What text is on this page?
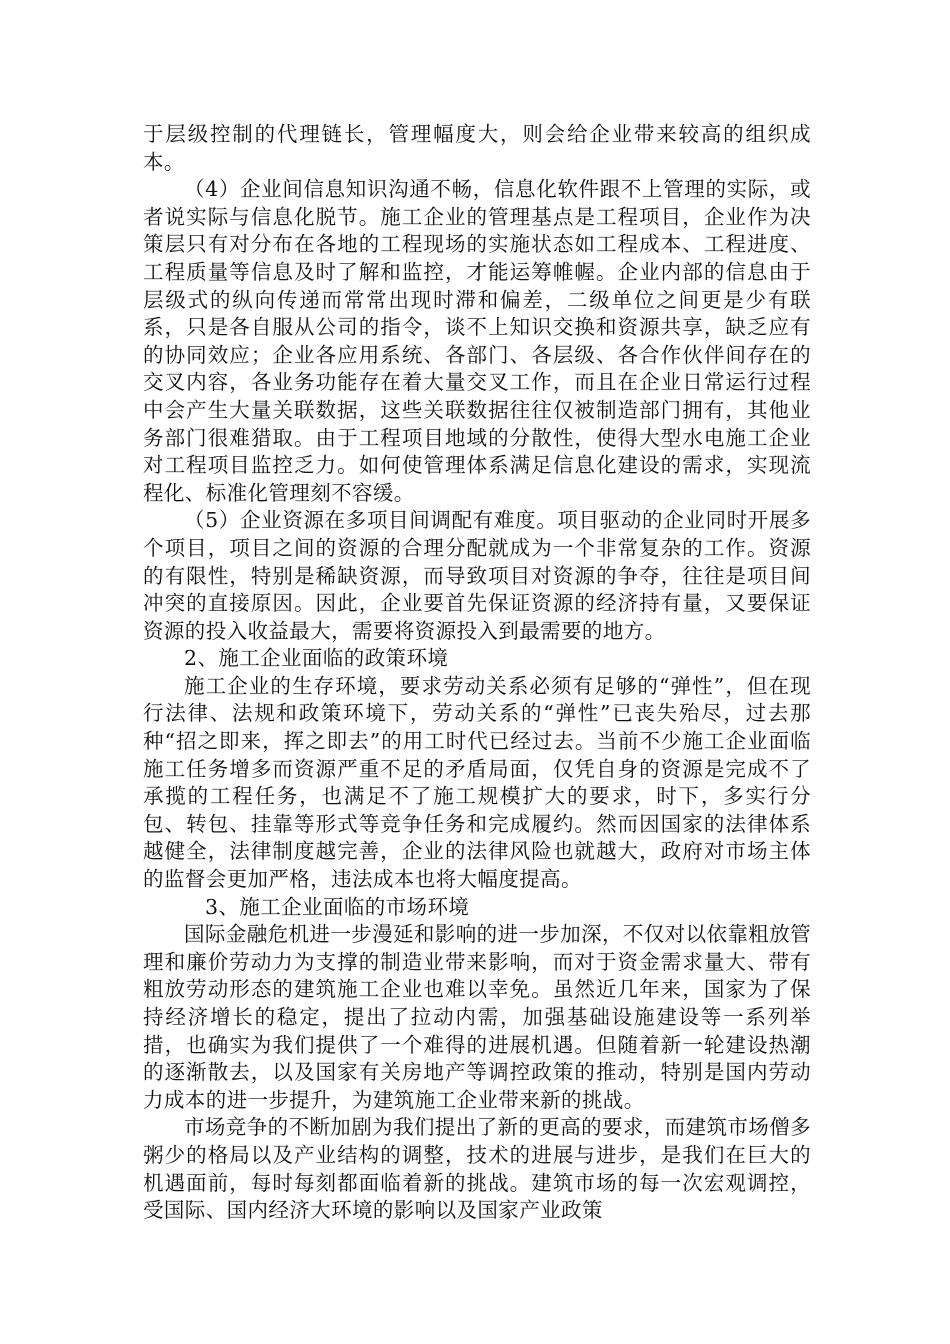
于层级控制的代理链长，管理幅度大，则会给企业带来较高的组织成本。

（4）企业间信息知识沟通不畅，信息化软件跟不上管理的实际，或者说实际与信息化脱节。施工企业的管理基点是工程项目，企业作为决策层只有对分布在各地的工程现场的实施状态如工程成本、工程进度、工程质量等信息及时了解和监控，才能运筹帷幄。企业内部的信息由于层级式的纵向传递而常常出现时滞和偏差，二级单位之间更是少有联系，只是各自服从公司的指令，谈不上知识交换和资源共享，缺乏应有的协同效应；企业各应用系统、各部门、各层级、各合作伙伴间存在的交叉内容，各业务功能存在着大量交叉工作，而且在企业日常运行过程中会产生大量关联数据，这些关联数据往往仅被制造部门拥有，其他业务部门很难猎取。由于工程项目地域的分散性，使得大型水电施工企业对工程项目监控乏力。如何使管理体系满足信息化建设的需求，实现流程化、标准化管理刻不容缓。

（5）企业资源在多项目间调配有难度。项目驱动的企业同时开展多个项目，项目之间的资源的合理分配就成为一个非常复杂的工作。资源的有限性，特别是稀缺资源，而导致项目对资源的争夺，往往是项目间冲突的直接原因。因此，企业要首先保证资源的经济持有量，又要保证资源的投入收益最大，需要将资源投入到最需要的地方。

2、施工企业面临的政策环境

施工企业的生存环境，要求劳动关系必须有足够的“弹性”，但在现行法律、法规和政策环境下，劳动关系的“弹性”已丧失殆尽，过去那种“招之即来，挥之即去”的用工时代已经过去。当前不少施工企业面临施工任务增多而资源严重不足的矛盾局面，仅凭自身的资源是完成不了承揽的工程任务，也满足不了施工规模扩大的要求，时下，多实行分包、转包、挂靠等形式等竞争任务和完成履约。然而因国家的法律体系越健全，法律制度越完善，企业的法律风险也就越大，政府对市场主体的监督会更加严格，违法成本也将大幅度提高。

3、施工企业面临的市场环境

国际金融危机进一步漫延和影响的进一步加深，不仅对以依靠粗放管理和廉价劳动力为支撑的制造业带来影响，而对于资金需求量大、带有粗放劳动形态的建筑施工企业也难以幸免。虽然近几年来，国家为了保持经济增长的稳定，提出了拉动内需，加强基础设施建设等一系列举措，也确实为我们提供了一个难得的进展机遇。但随着新一轮建设热潮的逐渐散去，以及国家有关房地产等调控政策的推动，特别是国内劳动力成本的进一步提升，为建筑施工企业带来新的挑战。

市场竞争的不断加剧为我们提出了新的更高的要求，而建筑市场僧多粥少的格局以及产业结构的调整，技术的进展与进步，是我们在巨大的机遇面前，每时每刻都面临着新的挑战。建筑市场的每一次宏观调控，受国际、国内经济大环境的影响以及国家产业政策
